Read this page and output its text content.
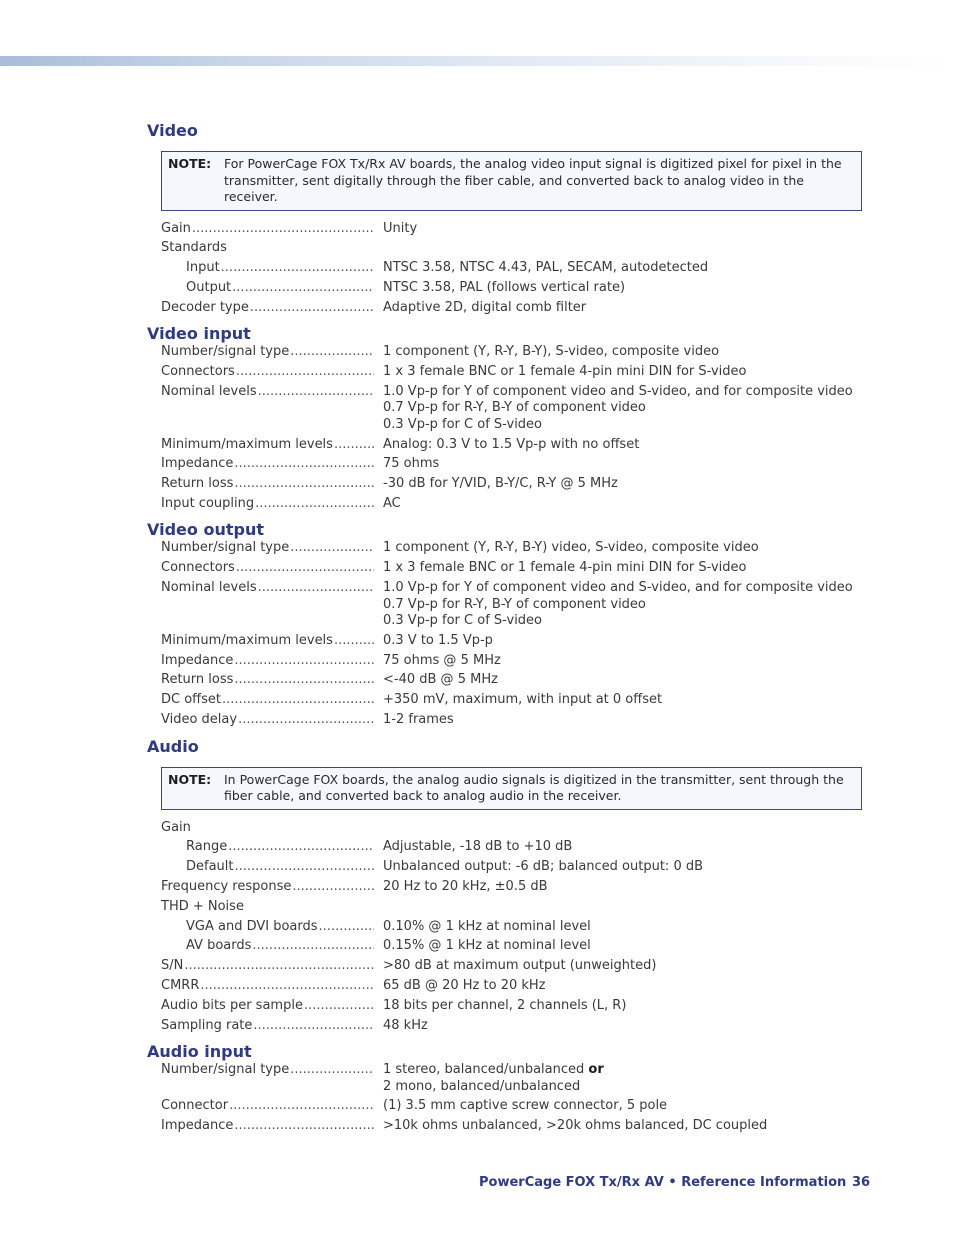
Video
NOTE:	For PowerCage FOX Tx/Rx AV boards, the analog video input signal is digitized pixel for pixel in the transmitter, sent digitally through the fiber cable, and converted back to analog video in the receiver.
Gain .....	Unity
Standards
Input .....	NTSC 3.58, NTSC 4.43, PAL, SECAM, autodetected
Output .....	NTSC 3.58, PAL (follows vertical rate)
Decoder type .....	Adaptive 2D, digital comb filter
Video input
Number/signal type .....	1 component (Y, R-Y, B-Y), S-video, composite video
Connectors .....	1 x 3 female BNC or 1 female 4-pin mini DIN for S-video
Nominal levels .....	1.0 Vp-p for Y of component video and S-video, and for composite video
0.7 Vp-p for R-Y, B-Y of component video
0.3 Vp-p for C of S-video
Minimum/maximum levels .....	Analog: 0.3 V to 1.5 Vp-p with no offset
Impedance .....	75 ohms
Return loss .....	-30 dB for Y/VID, B-Y/C, R-Y @ 5 MHz
Input coupling .....	AC
Video output
Number/signal type .....	1 component (Y, R-Y, B-Y) video, S-video, composite video
Connectors .....	1 x 3 female BNC or 1 female 4-pin mini DIN for S-video
Nominal levels .....	1.0 Vp-p for Y of component video and S-video, and for composite video
0.7 Vp-p for R-Y, B-Y of component video
0.3 Vp-p for C of S-video
Minimum/maximum levels .....	0.3 V to 1.5 Vp-p
Impedance .....	75 ohms @ 5 MHz
Return loss .....	<-40 dB @ 5 MHz
DC offset .....	+350 mV, maximum, with input at 0 offset
Video delay .....	1-2 frames
Audio
NOTE:	In PowerCage FOX boards, the analog audio signals is digitized in the transmitter, sent through the fiber cable, and converted back to analog audio in the receiver.
Gain
Range .....	Adjustable, -18 dB to +10 dB
Default .....	Unbalanced output: -6 dB; balanced output: 0 dB
Frequency response .....	20 Hz to 20 kHz, ±0.5 dB
THD + Noise
VGA and DVI boards .....	0.10% @ 1 kHz at nominal level
AV boards .....	0.15% @ 1 kHz at nominal level
S/N .....	>80 dB at maximum output (unweighted)
CMRR .....	65 dB @ 20 Hz to 20 kHz
Audio bits per sample .....	18 bits per channel, 2 channels (L, R)
Sampling rate .....	48 kHz
Audio input
Number/signal type .....	1 stereo, balanced/unbalanced or
2 mono, balanced/unbalanced
Connector .....	(1) 3.5 mm captive screw connector, 5 pole
Impedance .....	>10k ohms unbalanced, >20k ohms balanced, DC coupled
PowerCage FOX Tx/Rx AV • Reference Information 36
